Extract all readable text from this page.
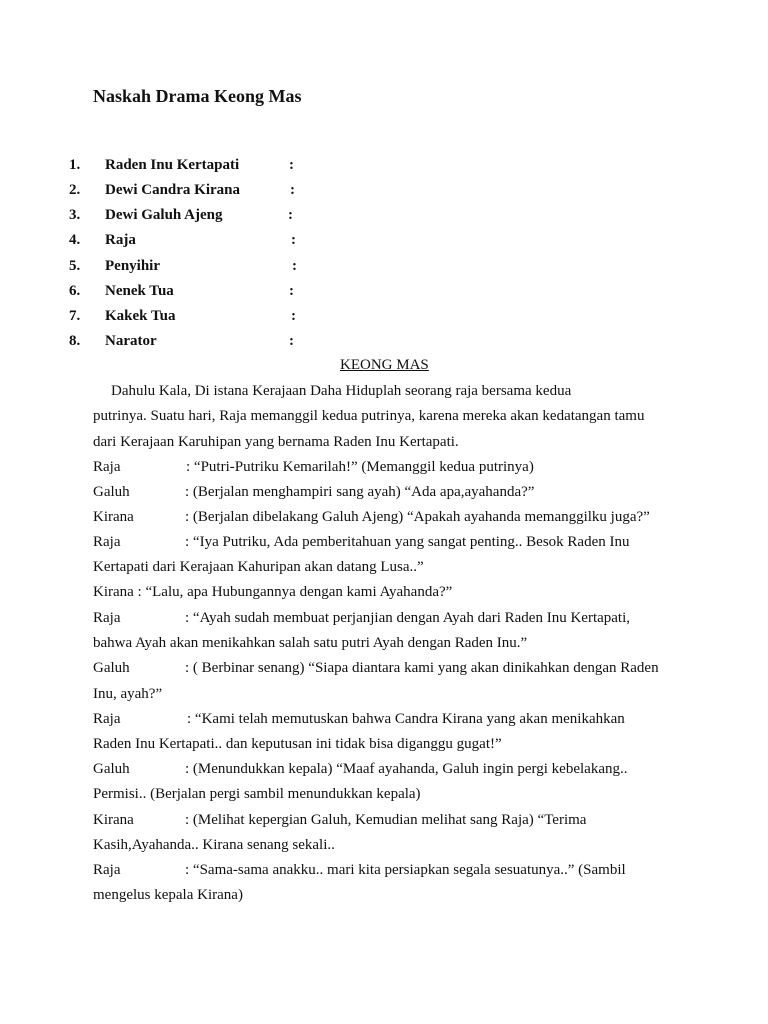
Naskah Drama Keong Mas
1. Raden Inu Kertapati	:
2. Dewi Candra Kirana	:
3. Dewi Galuh Ajeng	:
4. Raja	:
5. Penyihir	:
6. Nenek Tua	:
7. Kakek Tua	:
8. Narator	:
KEONG MAS
Dahulu Kala, Di istana Kerajaan Daha Hiduplah seorang raja bersama kedua
putrinya. Suatu hari, Raja memanggil kedua putrinya, karena mereka akan kedatangan tamu
dari Kerajaan Karuhipan yang bernama Raden Inu Kertapati.
Raja	: “Putri-Putriku Kemarilah!” (Memanggil kedua putrinya)
Galuh	: (Berjalan menghampiri sang ayah) “Ada apa,ayahanda?”
Kirana	: (Berjalan dibelakang Galuh Ajeng) “Apakah ayahanda memanggilku juga?”
Raja	: “Iya Putriku, Ada pemberitahuan yang sangat penting.. Besok Raden Inu
Kertapati dari Kerajaan Kahuripan akan datang Lusa..”
Kirana : “Lalu, apa Hubungannya dengan kami Ayahanda?”
Raja	: “Ayah sudah membuat perjanjian dengan Ayah dari Raden Inu Kertapati,
bahwa Ayah akan menikahkan salah satu putri Ayah dengan Raden Inu.”
Galuh	: ( Berbinar senang) “Siapa diantara kami yang akan dinikahkan dengan Raden
Inu, ayah?”
Raja	: “Kami telah memutuskan bahwa Candra Kirana yang akan menikahkan
Raden Inu Kertapati.. dan keputusan ini tidak bisa diganggu gugat!”
Galuh	: (Menundukkan kepala) “Maaf ayahanda, Galuh ingin pergi kebelakang..
Permisi.. (Berjalan pergi sambil menundukkan kepala)
Kirana	: (Melihat kepergian Galuh, Kemudian melihat sang Raja) “Terima
Kasih,Ayahanda.. Kirana senang sekali..
Raja	: “Sama-sama anakku.. mari kita persiapkan segala sesuatunya..” (Sambil
mengelus kepala Kirana)
